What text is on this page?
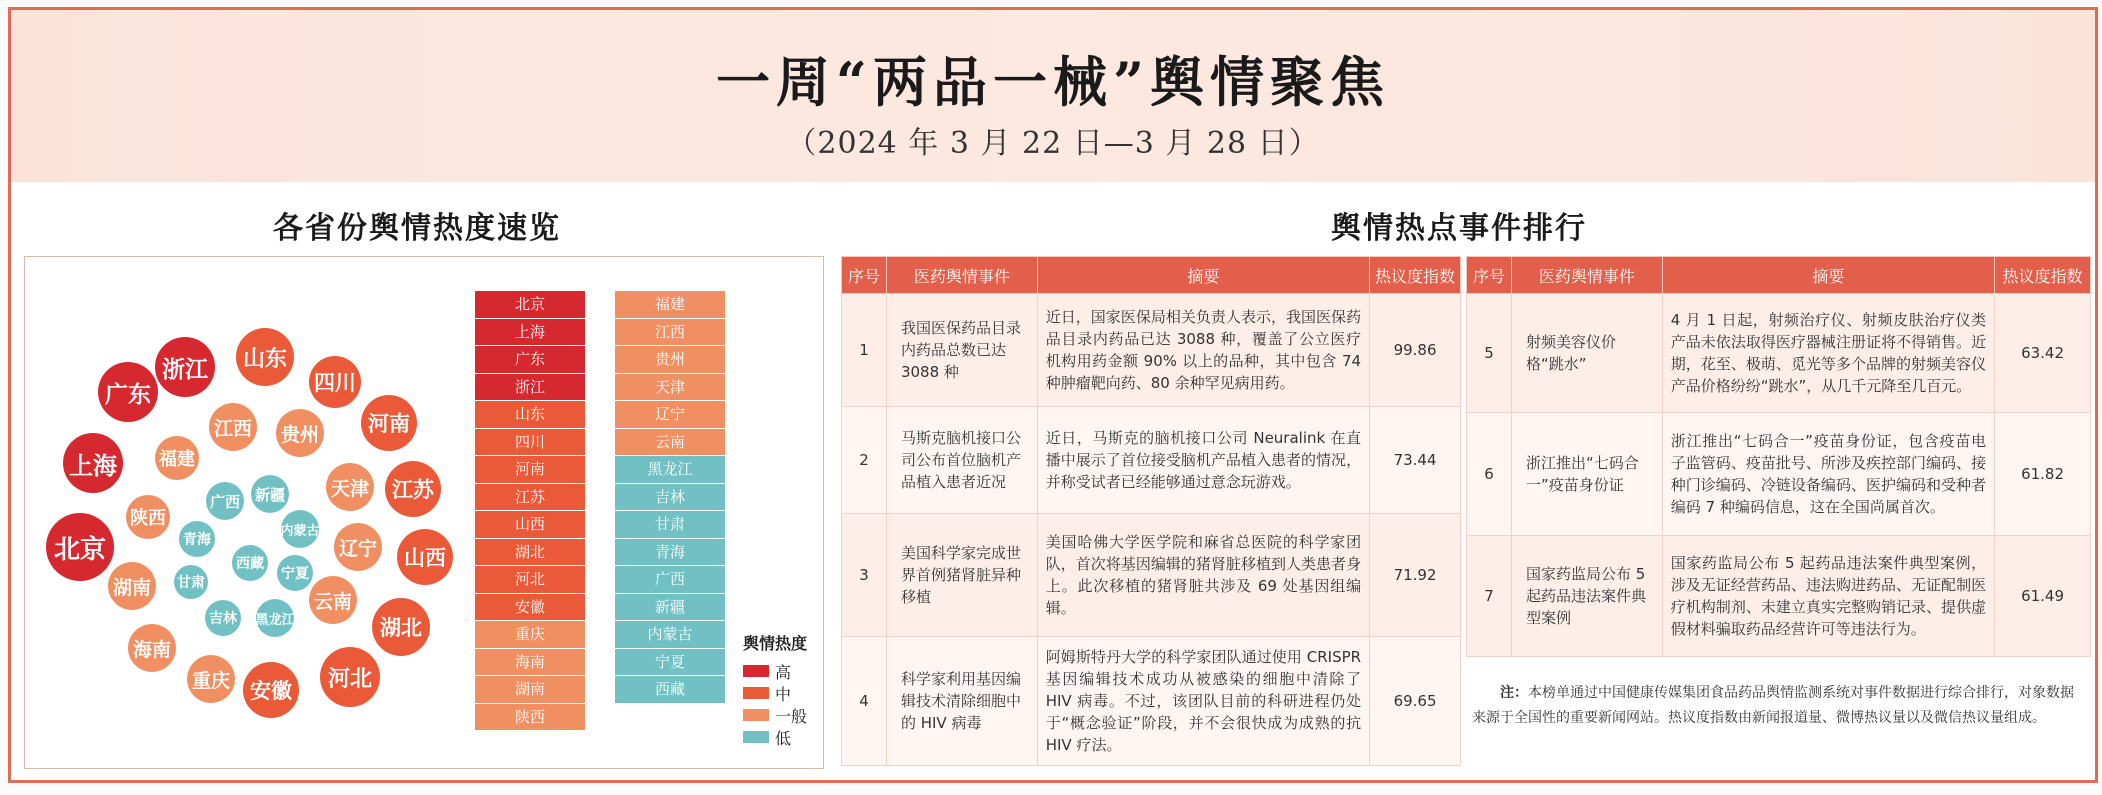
一周“两品一械”舆情聚焦
（2024 年 3 月 22 日—3 月 28 日）
各省份舆情热度速览	舆情热点事件排行
北京
上海
广东
浙江	山东
四川
河南
江苏
山西
湖北
河北
安徽
重庆
海南
湖南
陕西
福建
江西 贵州
天津
辽宁
云南
广西 新疆
内蒙古
青海
西藏
宁夏
甘肃
吉林	黑龙江
北京
上海
广东
浙江
山东
四川
河南
江苏
山西
湖北
河北
安徽
重庆
海南
湖南
陕西
福建
江西
贵州
天津
辽宁
云南
黑龙江
吉林
甘肃
青海
广西
新疆
内蒙古
宁夏
西藏
舆情热度
高
中
一般
低
序号	医药舆情事件	摘要	热议度指数
1	我国医保药品目录内药品总数已达 3088 种	近日，国家医保局相关负责人表示，我国医保药品目录内药品已达 3088 种，覆盖了公立医疗机构用药金额 90% 以上的品种，其中包含 74 种肿瘤靶向药、80 余种罕见病用药。	99.86
2	马斯克脑机接口公司公布首位脑机产品植入患者近况	近日，马斯克的脑机接口公司 Neuralink 在直播中展示了首位接受脑机产品植入患者的情况，并称受试者已经能够通过意念玩游戏。	73.44
3	美国科学家完成世界首例猪肾脏异种移植	美国哈佛大学医学院和麻省总医院的科学家团队，首次将基因编辑的猪肾脏移植到人类患者身上。此次移植的猪肾脏共涉及 69 处基因组编辑。	71.92
4	科学家利用基因编辑技术清除细胞中的 HIV 病毒	阿姆斯特丹大学的科学家团队通过使用 CRISPR 基因编辑技术成功从被感染的细胞中清除了 HIV 病毒。不过，该团队目前的科研进程仍处于“概念验证”阶段，并不会很快成为成熟的抗 HIV 疗法。	69.65
序号	医药舆情事件	摘要	热议度指数
5	射频美容仪价格“跳水”	4 月 1 日起，射频治疗仪、射频皮肤治疗仪类产品未依法取得医疗器械注册证将不得销售。近期，花至、极萌、觅光等多个品牌的射频美容仪产品价格纷纷“跳水”，从几千元降至几百元。	63.42
6	浙江推出“七码合一”疫苗身份证	浙江推出“七码合一”疫苗身份证，包含疫苗电子监管码、疫苗批号、所涉及疾控部门编码、接种门诊编码、冷链设备编码、医护编码和受种者编码 7 种编码信息，这在全国尚属首次。	61.82
7	国家药监局公布 5 起药品违法案件典型案例	国家药监局公布 5 起药品违法案件典型案例，涉及无证经营药品、违法购进药品、无证配制医疗机构制剂、未建立真实完整购销记录、提供虚假材料骗取药品经营许可等违法行为。	61.49
注：本榜单通过中国健康传媒集团食品药品舆情监测系统对事件数据进行综合排行，对象数据来源于全国性的重要新闻网站。热议度指数由新闻报道量、微博热议量以及微信热议量组成。
